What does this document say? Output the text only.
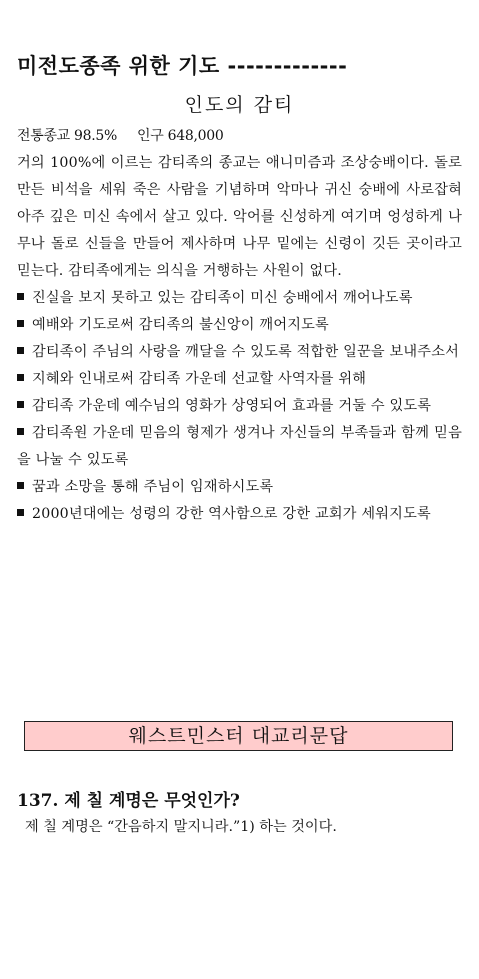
미전도종족 위한 기도 -------------
인도의 감티
전통종교 98.5% 인구 648,000

거의 100%에 이르는 감티족의 종교는 애니미즘과 조상숭배이다. 돌로 만든 비석을 세워 죽은 사람을 기념하며 악마나 귀신 숭배에 사로잡혀 아주 깊은 미신 속에서 살고 있다. 악어를 신성하게 여기며 엉성하게 나무나 돌로 신들을 만들어 제사하며 나무 밑에는 신령이 깃든 곳이라고 믿는다. 감티족에게는 의식을 거행하는 사원이 없다.

진실을 보지 못하고 있는 감티족이 미신 숭배에서 깨어나도록
예배와 기도로써 감티족의 불신앙이 깨어지도록
감티족이 주님의 사랑을 깨달을 수 있도록 적합한 일꾼을 보내주소서
지혜와 인내로써 감티족 가운데 선교할 사역자를 위해
감티족 가운데 예수님의 영화가 상영되어 효과를 거둘 수 있도록
감티족원 가운데 믿음의 형제가 생겨나 자신들의 부족들과 함께 믿음을 나눌 수 있도록
꿈과 소망을 통해 주님이 임재하시도록
2000년대에는 성령의 강한 역사함으로 강한 교회가 세워지도록
웨스트민스터 대교리문답
137. 제 칠 계명은 무엇인가?
제 칠 계명은 “간음하지 말지니라.”1) 하는 것이다.
